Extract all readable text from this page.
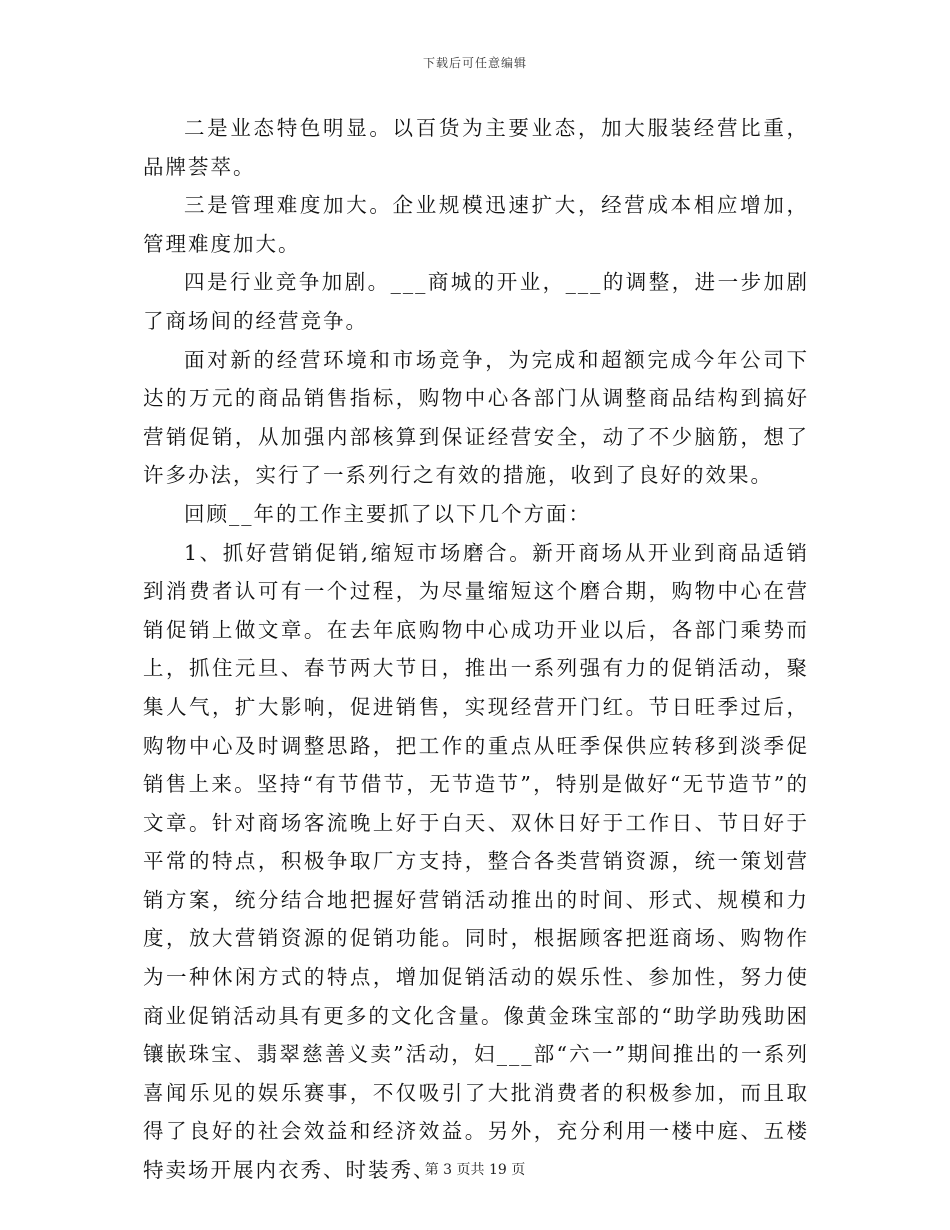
下载后可任意编辑

二是业态特色明显。以百货为主要业态，加大服装经营比重，品牌荟萃。

三是管理难度加大。企业规模迅速扩大，经营成本相应增加，管理难度加大。

四是行业竞争加剧。___商城的开业，___的调整，进一步加剧了商场间的经营竞争。

面对新的经营环境和市场竞争，为完成和超额完成今年公司下达的万元的商品销售指标，购物中心各部门从调整商品结构到搞好营销促销，从加强内部核算到保证经营安全，动了不少脑筋，想了许多办法，实行了一系列行之有效的措施，收到了良好的效果。

回顾__年的工作主要抓了以下几个方面：

1、抓好营销促销,缩短市场磨合。新开商场从开业到商品适销到消费者认可有一个过程，为尽量缩短这个磨合期，购物中心在营销促销上做文章。在去年底购物中心成功开业以后，各部门乘势而上，抓住元旦、春节两大节日，推出一系列强有力的促销活动，聚集人气，扩大影响，促进销售，实现经营开门红。节日旺季过后，购物中心及时调整思路，把工作的重点从旺季保供应转移到淡季促销售上来。坚持“有节借节，无节造节”，特别是做好“无节造节”的文章。针对商场客流晚上好于白天、双休日好于工作日、节日好于平常的特点，积极争取厂方支持，整合各类营销资源，统一策划营销方案，统分结合地把握好营销活动推出的时间、形式、规模和力度，放大营销资源的促销功能。同时，根据顾客把逛商场、购物作为一种休闲方式的特点，增加促销活动的娱乐性、参加性，努力使商业促销活动具有更多的文化含量。像黄金珠宝部的“助学助残助困镶嵌珠宝、翡翠慈善义卖”活动，妇___部“六一”期间推出的一系列喜闻乐见的娱乐赛事，不仅吸引了大批消费者的积极参加，而且取得了良好的社会效益和经济效益。另外，充分利用一楼中庭、五楼特卖场开展内衣秀、时装秀、

第 3 页共 19 页
